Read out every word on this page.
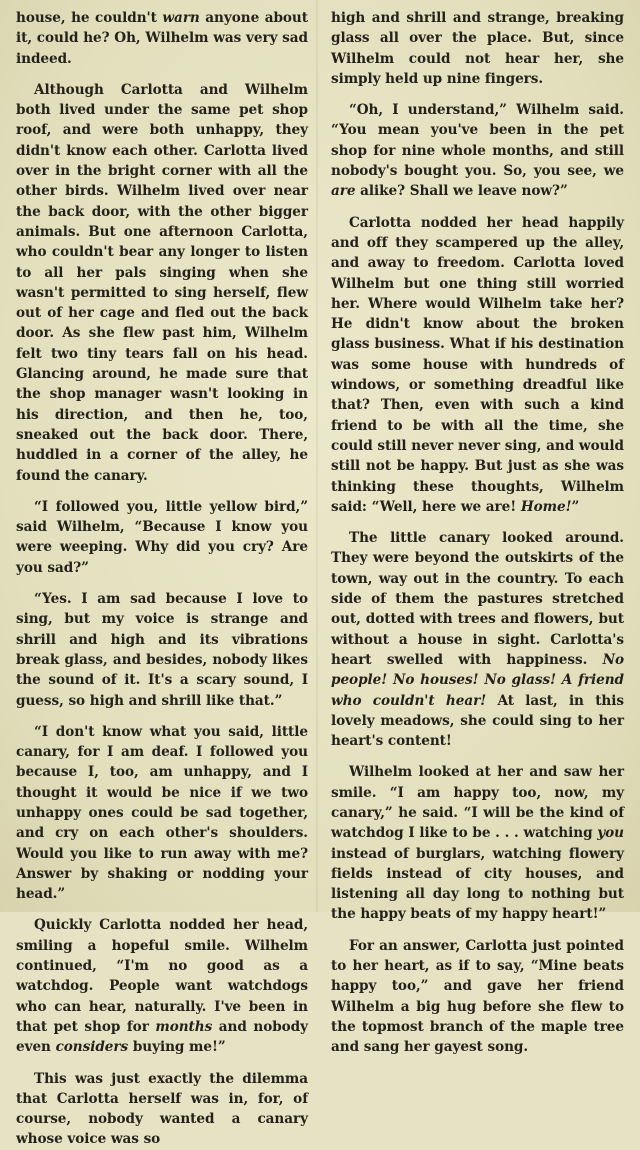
house, he couldn't warn anyone about it, could he? Oh, Wilhelm was very sad indeed.

Although Carlotta and Wilhelm both lived under the same pet shop roof, and were both unhappy, they didn't know each other. Carlotta lived over in the bright corner with all the other birds. Wilhelm lived over near the back door, with the other bigger animals. But one afternoon Carlotta, who couldn't bear any longer to listen to all her pals singing when she wasn't permitted to sing herself, flew out of her cage and fled out the back door. As she flew past him, Wilhelm felt two tiny tears fall on his head. Glancing around, he made sure that the shop manager wasn't looking in his direction, and then he, too, sneaked out the back door. There, huddled in a corner of the alley, he found the canary.

“I followed you, little yellow bird,” said Wilhelm, “Because I know you were weeping. Why did you cry? Are you sad?”

“Yes. I am sad because I love to sing, but my voice is strange and shrill and high and its vibrations break glass, and besides, nobody likes the sound of it. It's a scary sound, I guess, so high and shrill like that.”

“I don't know what you said, little canary, for I am deaf. I followed you because I, too, am unhappy, and I thought it would be nice if we two unhappy ones could be sad together, and cry on each other's shoulders. Would you like to run away with me? Answer by shaking or nodding your head.”

Quickly Carlotta nodded her head, smiling a hopeful smile. Wilhelm continued, “I'm no good as a watchdog. People want watchdogs who can hear, naturally. I've been in that pet shop for months and nobody even considers buying me!”

This was just exactly the dilemma that Carlotta herself was in, for, of course, nobody wanted a canary whose voice was so

high and shrill and strange, breaking glass all over the place. But, since Wilhelm could not hear her, she simply held up nine fingers.

“Oh, I understand,” Wilhelm said. “You mean you've been in the pet shop for nine whole months, and still nobody's bought you. So, you see, we are alike? Shall we leave now?”

Carlotta nodded her head happily and off they scampered up the alley, and away to freedom. Carlotta loved Wilhelm but one thing still worried her. Where would Wilhelm take her? He didn't know about the broken glass business. What if his destination was some house with hundreds of windows, or something dreadful like that? Then, even with such a kind friend to be with all the time, she could still never never sing, and would still not be happy. But just as she was thinking these thoughts, Wilhelm said: “Well, here we are! Home!”

The little canary looked around. They were beyond the outskirts of the town, way out in the country. To each side of them the pastures stretched out, dotted with trees and flowers, but without a house in sight. Carlotta's heart swelled with happiness. No people! No houses! No glass! A friend who couldn't hear! At last, in this lovely meadows, she could sing to her heart's content!

Wilhelm looked at her and saw her smile. “I am happy too, now, my canary,” he said. “I will be the kind of watchdog I like to be . . . watching you instead of burglars, watching flowery fields instead of city houses, and listening all day long to nothing but the happy beats of my happy heart!”

For an answer, Carlotta just pointed to her heart, as if to say, “Mine beats happy too,” and gave her friend Wilhelm a big hug before she flew to the topmost branch of the maple tree and sang her gayest song.
